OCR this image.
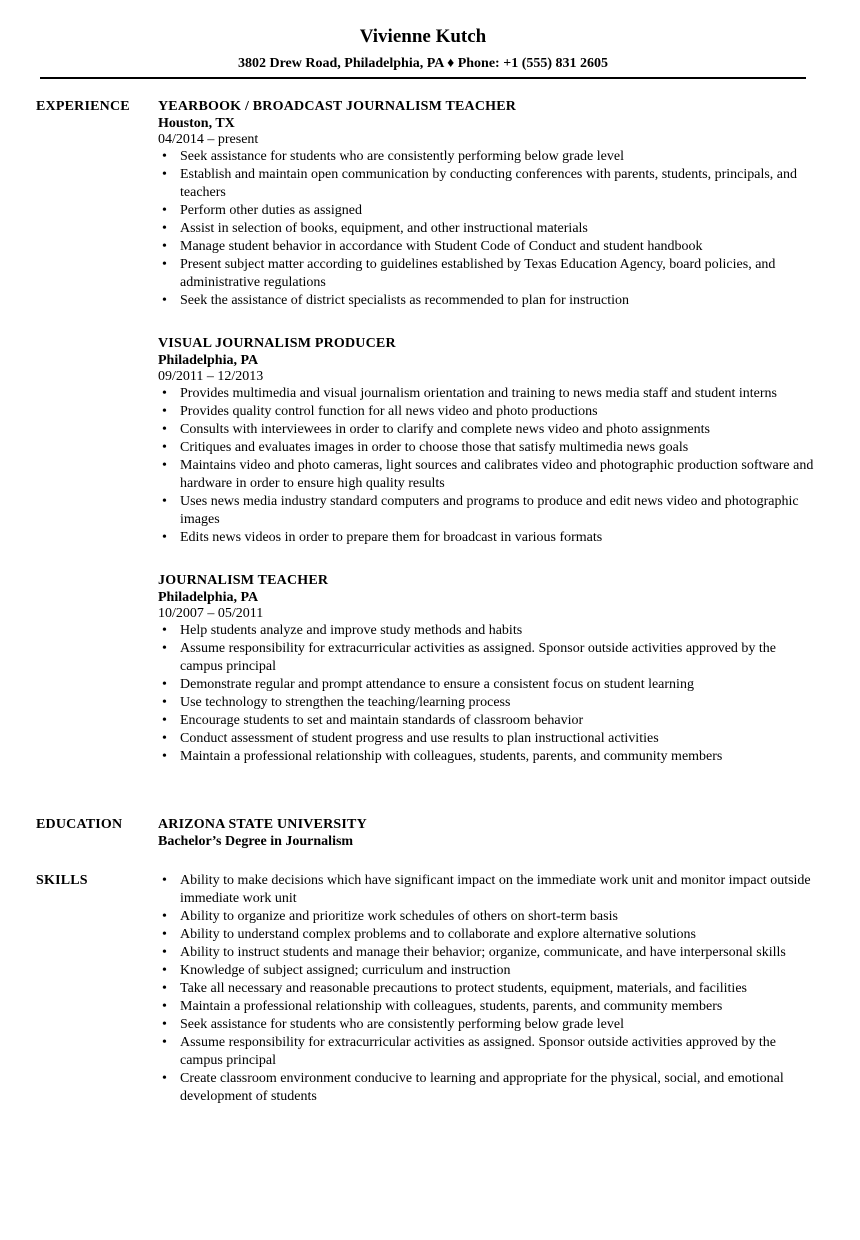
Vivienne Kutch
3802 Drew Road, Philadelphia, PA ♦ Phone: +1 (555) 831 2605
EXPERIENCE YEARBOOK / BROADCAST JOURNALISM TEACHER
Houston, TX
04/2014 – present
• Seek assistance for students who are consistently performing below grade level
• Establish and maintain open communication by conducting conferences with parents, students, principals, and teachers
• Perform other duties as assigned
• Assist in selection of books, equipment, and other instructional materials
• Manage student behavior in accordance with Student Code of Conduct and student handbook
• Present subject matter according to guidelines established by Texas Education Agency, board policies, and administrative regulations
• Seek the assistance of district specialists as recommended to plan for instruction
VISUAL JOURNALISM PRODUCER
Philadelphia, PA
09/2011 – 12/2013
• Provides multimedia and visual journalism orientation and training to news media staff and student interns
• Provides quality control function for all news video and photo productions
• Consults with interviewees in order to clarify and complete news video and photo assignments
• Critiques and evaluates images in order to choose those that satisfy multimedia news goals
• Maintains video and photo cameras, light sources and calibrates video and photographic production software and hardware in order to ensure high quality results
• Uses news media industry standard computers and programs to produce and edit news video and photographic images
• Edits news videos in order to prepare them for broadcast in various formats
JOURNALISM TEACHER
Philadelphia, PA
10/2007 – 05/2011
• Help students analyze and improve study methods and habits
• Assume responsibility for extracurricular activities as assigned. Sponsor outside activities approved by the campus principal
• Demonstrate regular and prompt attendance to ensure a consistent focus on student learning
• Use technology to strengthen the teaching/learning process
• Encourage students to set and maintain standards of classroom behavior
• Conduct assessment of student progress and use results to plan instructional activities
• Maintain a professional relationship with colleagues, students, parents, and community members
EDUCATION	ARIZONA STATE UNIVERSITY
Bachelor’s Degree in Journalism
SKILLS	• Ability to make decisions which have significant impact on the immediate work unit and monitor impact outside immediate work unit
• Ability to organize and prioritize work schedules of others on short-term basis
• Ability to understand complex problems and to collaborate and explore alternative solutions
• Ability to instruct students and manage their behavior; organize, communicate, and have interpersonal skills
• Knowledge of subject assigned; curriculum and instruction
• Take all necessary and reasonable precautions to protect students, equipment, materials, and facilities
• Maintain a professional relationship with colleagues, students, parents, and community members
• Seek assistance for students who are consistently performing below grade level
• Assume responsibility for extracurricular activities as assigned. Sponsor outside activities approved by the campus principal
• Create classroom environment conducive to learning and appropriate for the physical, social, and emotional development of students
